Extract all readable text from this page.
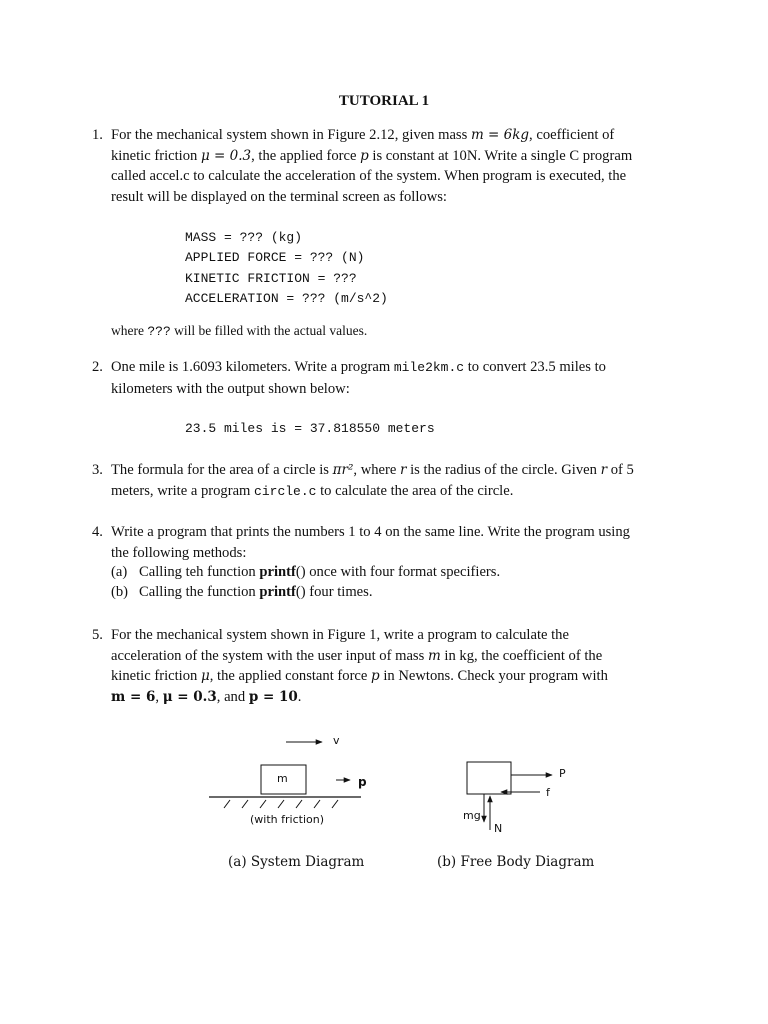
TUTORIAL 1
1. For the mechanical system shown in Figure 2.12, given mass m = 6kg, coefficient of
kinetic friction μ = 0.3, the applied force p is constant at 10N. Write a single C program
called accel.c to calculate the acceleration of the system. When program is executed, the
result will be displayed on the terminal screen as follows:
MASS = ??? (kg)
APPLIED FORCE = ??? (N)
KINETIC FRICTION = ???
ACCELERATION = ??? (m/s^2)
where ??? will be filled with the actual values.
2. One mile is 1.6093 kilometers. Write a program mile2km.c to convert 23.5 miles to
kilometers with the output shown below:
23.5 miles is = 37.818550 meters
3. The formula for the area of a circle is πr², where r is the radius of the circle. Given r of 5
meters, write a program circle.c to calculate the area of the circle.
4. Write a program that prints the numbers 1 to 4 on the same line. Write the program using
the following methods:
(a) Calling teh function printf() once with four format specifiers.
(b) Calling the function printf() four times.
5. For the mechanical system shown in Figure 1, write a program to calculate the
acceleration of the system with the user input of mass m in kg, the coefficient of the
kinetic friction μ, the applied constant force p in Newtons. Check your program with
m = 6, μ = 0.3, and p = 10.
v
m	p
(with friction)
P
f
mg
N
(a) System Diagram	(b) Free Body Diagram
